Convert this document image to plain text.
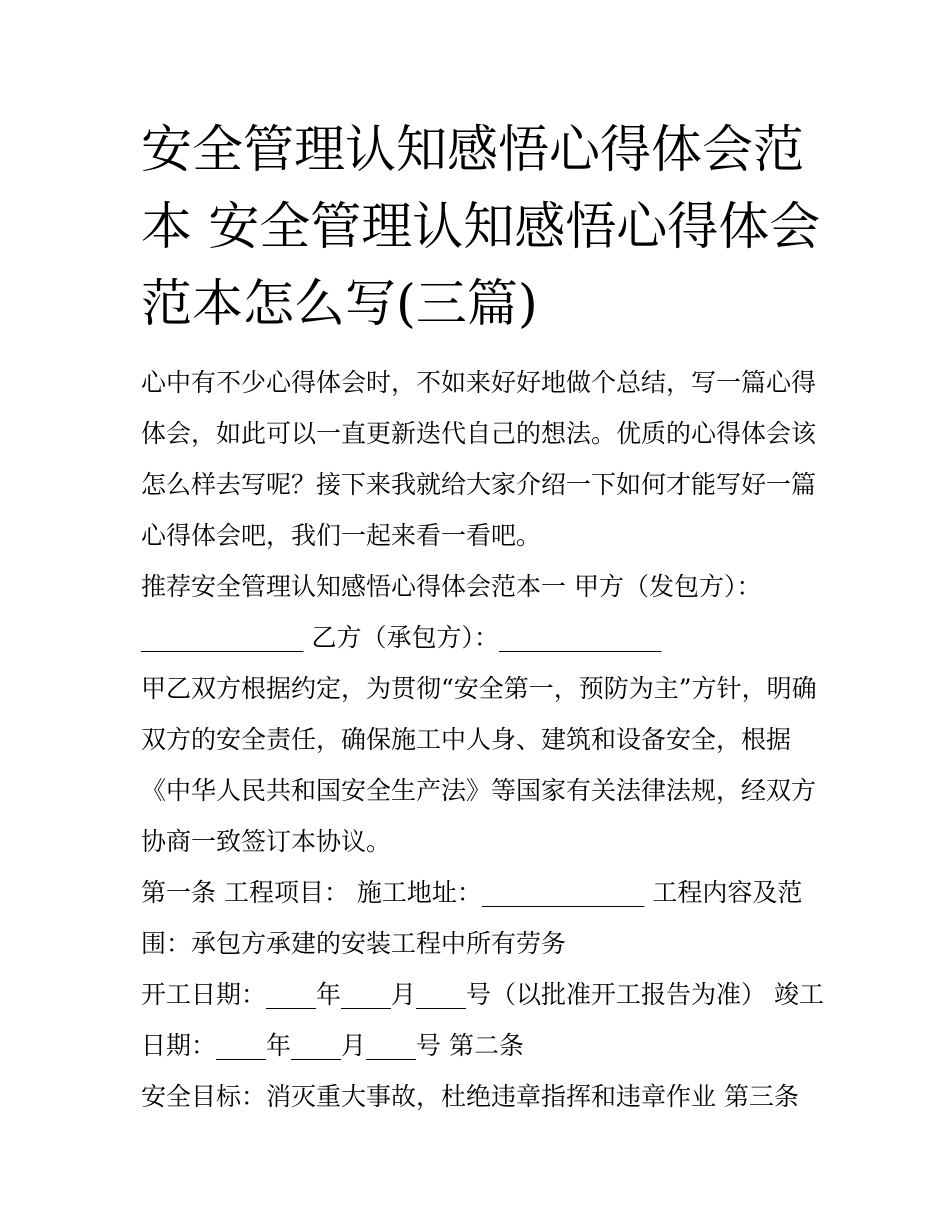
安全管理认知感悟心得体会范
本 安全管理认知感悟心得体会
范本怎么写(三篇)
心中有不少心得体会时，不如来好好地做个总结，写一篇心得
体会，如此可以一直更新迭代自己的想法。优质的心得体会该
怎么样去写呢？接下来我就给大家介绍一下如何才能写好一篇
心得体会吧，我们一起来看一看吧。
推荐安全管理认知感悟心得体会范本一 甲方（发包方）：
_____________ 乙方（承包方）：_____________
甲乙双方根据约定，为贯彻“安全第一，预防为主”方针，明确
双方的安全责任，确保施工中人身、建筑和设备安全，根据
《中华人民共和国安全生产法》等国家有关法律法规，经双方
协商一致签订本协议。
第一条 工程项目： 施工地址：_____________ 工程内容及范
围：承包方承建的安装工程中所有劳务
开工日期：____年____月____号（以批准开工报告为准） 竣工
日期：____年____月____号 第二条
安全目标：消灭重大事故，杜绝违章指挥和违章作业 第三条
